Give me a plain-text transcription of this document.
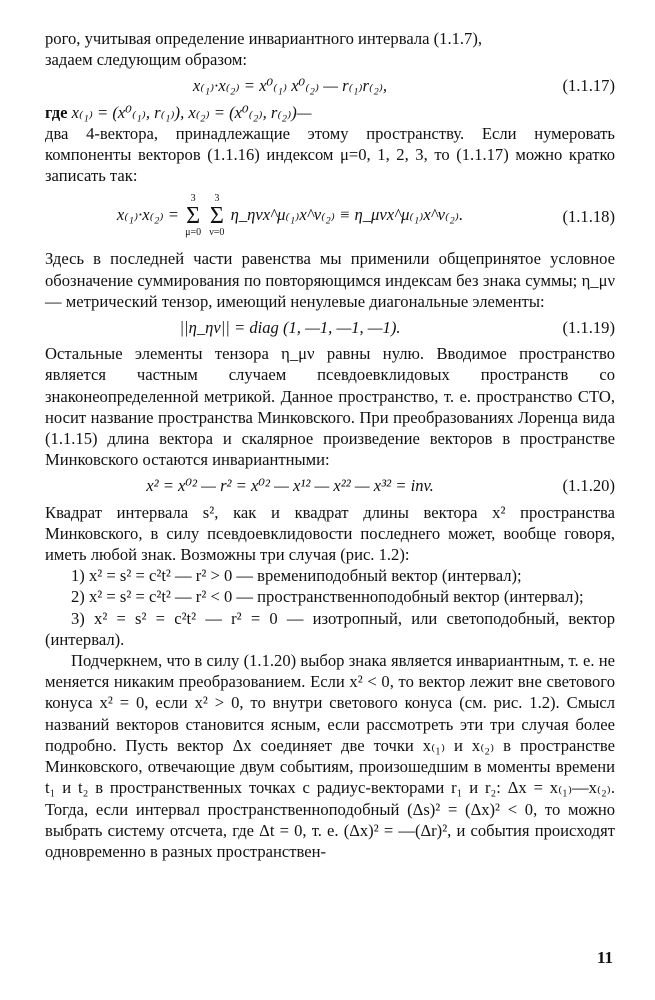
рого, учитывая определение инвариантного интервала (1.1.7),

задаем следующим образом:

x₍₁₎·x₍₂₎ = x⁰₍₁₎ x⁰₍₂₎ — r₍₁₎r₍₂₎,	(1.1.17)
где x₍₁₎ = (x⁰₍₁₎, r₍₁₎), x₍₂₎ = (x⁰₍₂₎, r₍₂₎)—

два 4-вектора, принадлежащие этому пространству. Если нумеровать компоненты векторов (1.1.16) индексом μ=0, 1, 2, 3, то (1.1.17) можно кратко записать так:

x₍₁₎·x₍₂₎ =
3
Σ
μ=0

3
Σ
ν=0
η_ηνx^μ₍₁₎x^ν₍₂₎ ≡ η_μνx^μ₍₁₎x^ν₍₂₎.	(1.1.18)

Здесь в последней части равенства мы применили общепринятое условное обозначение суммирования по повторяющимся индексам без знака суммы; η_μν — метрический тензор, имеющий ненулевые диагональные элементы:

||η_ην|| = diag (1, —1, —1, —1).	(1.1.19)

Остальные элементы тензора η_μν равны нулю. Вводимое пространство является частным случаем псевдоевклидовых пространств со знаконеопределенной метрикой. Данное пространство, т. е. пространство СТО, носит название пространства Минковского. При преобразованиях Лоренца вида (1.1.15) длина вектора и скалярное произведение векторов в пространстве Минковского остаются инвариантными:

x² = x⁰² — r² = x⁰² — x¹² — x²² — x³² = inv.	(1.1.20)

Квадрат интервала s², как и квадрат длины вектора x² пространства Минковского, в силу псевдоевклидовости последнего может, вообще говоря, иметь любой знак. Возможны три случая (рис. 1.2):

1) x² = s² = c²t² — r² > 0 — времениподобный вектор (интервал);

2) x² = s² = c²t² — r² < 0 — пространственноподобный вектор (интервал);

3) x² = s² = c²t² — r² = 0 — изотропный, или светоподобный, вектор (интервал).

Подчеркнем, что в силу (1.1.20) выбор знака является инвариантным, т. е. не меняется никаким преобразованием. Если x² < 0, то вектор лежит вне светового конуса x² = 0, если x² > 0, то внутри светового конуса (см. рис. 1.2). Смысл названий векторов становится ясным, если рассмотреть эти три случая более подробно. Пусть вектор Δx соединяет две точки x₍₁₎ и x₍₂₎ в пространстве Минковского, отвечающие двум событиям, произошедшим в моменты времени t₁ и t₂ в пространственных точках с радиус-векторами r₁ и r₂: Δx = x₍₁₎—x₍₂₎. Тогда, если интервал пространственноподобный (Δs)² = (Δx)² < 0, то можно выбрать систему отсчета, где Δt = 0, т. е. (Δx)² = —(Δr)², и события происходят одновременно в разных пространствен-

11
